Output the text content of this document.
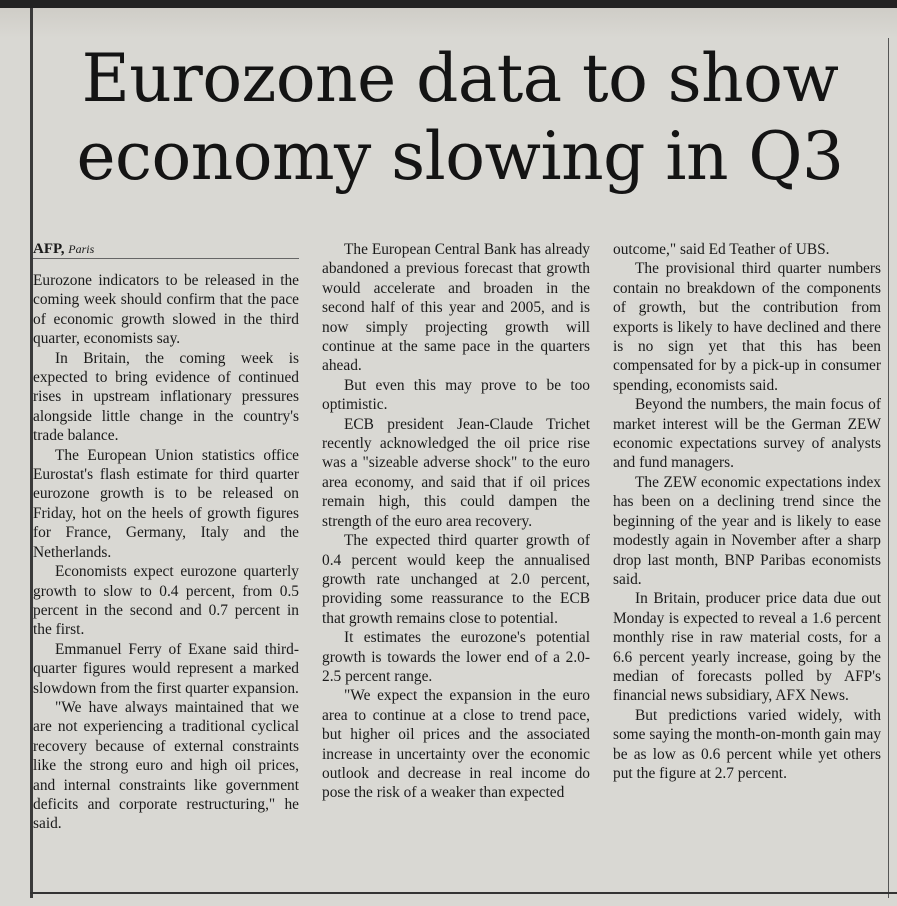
Eurozone data to show economy slowing in Q3
AFP, Paris

Eurozone indicators to be released in the coming week should confirm that the pace of economic growth slowed in the third quarter, economists say.

In Britain, the coming week is expected to bring evidence of continued rises in upstream inflationary pressures alongside little change in the country's trade balance.

The European Union statistics office Eurostat's flash estimate for third quarter eurozone growth is to be released on Friday, hot on the heels of growth figures for France, Germany, Italy and the Netherlands.

Economists expect eurozone quarterly growth to slow to 0.4 percent, from 0.5 percent in the second and 0.7 percent in the first.

Emmanuel Ferry of Exane said third-quarter figures would represent a marked slowdown from the first quarter expansion.

"We have always maintained that we are not experiencing a traditional cyclical recovery because of external constraints like the strong euro and high oil prices, and internal constraints like government deficits and corporate restructuring," he said.

The European Central Bank has already abandoned a previous forecast that growth would accelerate and broaden in the second half of this year and 2005, and is now simply projecting growth will continue at the same pace in the quarters ahead.

But even this may prove to be too optimistic.

ECB president Jean-Claude Trichet recently acknowledged the oil price rise was a "sizeable adverse shock" to the euro area economy, and said that if oil prices remain high, this could dampen the strength of the euro area recovery.

The expected third quarter growth of 0.4 percent would keep the annualised growth rate unchanged at 2.0 percent, providing some reassurance to the ECB that growth remains close to potential.

It estimates the eurozone's potential growth is towards the lower end of a 2.0-2.5 percent range.

"We expect the expansion in the euro area to continue at a close to trend pace, but higher oil prices and the associated increase in uncertainty over the economic outlook and decrease in real income do pose the risk of a weaker than expected

outcome," said Ed Teather of UBS.

The provisional third quarter numbers contain no breakdown of the components of growth, but the contribution from exports is likely to have declined and there is no sign yet that this has been compensated for by a pick-up in consumer spending, economists said.

Beyond the numbers, the main focus of market interest will be the German ZEW economic expectations survey of analysts and fund managers.

The ZEW economic expectations index has been on a declining trend since the beginning of the year and is likely to ease modestly again in November after a sharp drop last month, BNP Paribas economists said.

In Britain, producer price data due out Monday is expected to reveal a 1.6 percent monthly rise in raw material costs, for a 6.6 percent yearly increase, going by the median of forecasts polled by AFP's financial news subsidiary, AFX News.

But predictions varied widely, with some saying the month-on-month gain may be as low as 0.6 percent while yet others put the figure at 2.7 percent.
